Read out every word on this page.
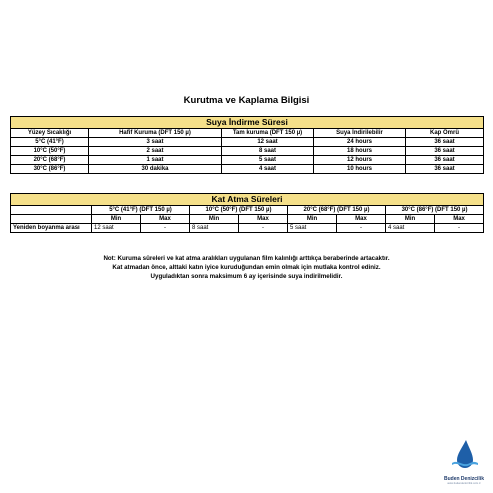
Kurutma ve Kaplama Bilgisi
Suya İndirme Süresi				
Yüzey Sıcaklığı	Hafif Kuruma (DFT 150 µ)	Tam kuruma (DFT 150 µ)	Suya İndirilebilir	Kap Ömrü
5°C (41°F)	3 saat	12 saat	24 hours	36 saat
10°C (50°F)	2 saat	8 saat	18 hours	36 saat
20°C (68°F)	1 saat	5 saat	12 hours	36 saat
30°C (86°F)	30 dakika	4 saat	10 hours	36 saat
Kat Atma Süreleri								
	5°C (41°F) (DFT 150 µ)		10°C (50°F) (DFT 150 µ)		20°C (68°F) (DFT 150 µ)		30°C (86°F) (DFT 150 µ)	
	Min	Max	Min	Max	Min	Max	Min	Max
Yeniden boyanma arası	12 saat	-	8 saat	-	5 saat	-	4 saat	-
Not: Kuruma süreleri ve kat atma aralıkları uygulanan film kalınlığı arttıkça beraberinde artacaktır.
Kat atmadan önce, alttaki katın iyice kuruduğundan emin olmak için mutlaka kontrol ediniz.
Uyguladıktan sonra maksimum 6 ay içerisinde suya indirilmelidir.
Buden Denizcilik
www.budendenizcilik.com.tr
